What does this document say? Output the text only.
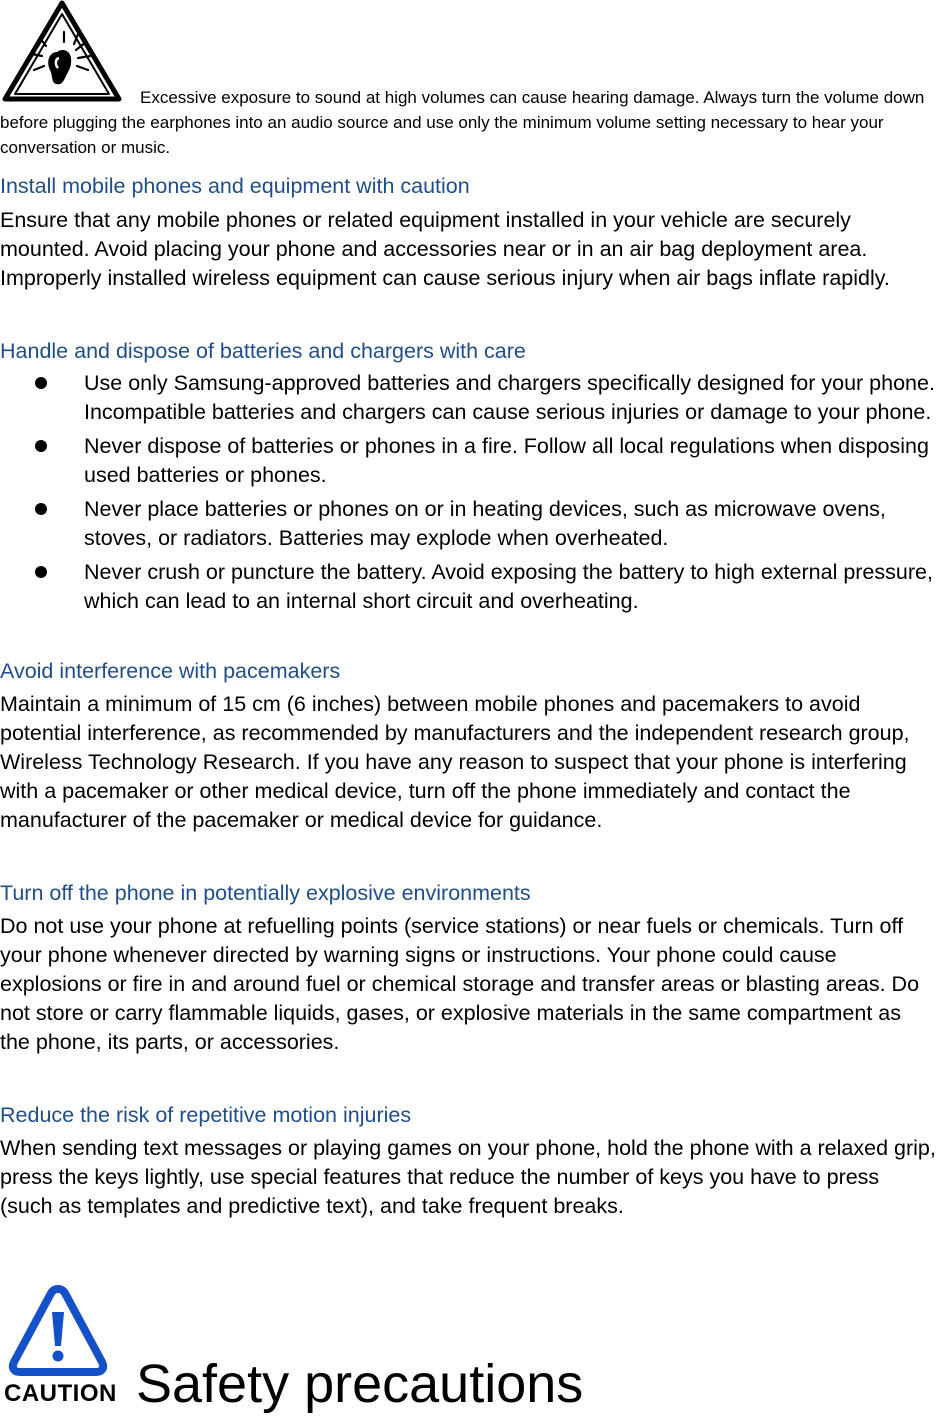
Excessive exposure to sound at high volumes can cause hearing damage. Always turn the volume down before plugging the earphones into an audio source and use only the minimum volume setting necessary to hear your conversation or music.
Install mobile phones and equipment with caution
Ensure that any mobile phones or related equipment installed in your vehicle are securely mounted. Avoid placing your phone and accessories near or in an air bag deployment area. Improperly installed wireless equipment can cause serious injury when air bags inflate rapidly.
Handle and dispose of batteries and chargers with care
Use only Samsung-approved batteries and chargers specifically designed for your phone. Incompatible batteries and chargers can cause serious injuries or damage to your phone.
Never dispose of batteries or phones in a fire. Follow all local regulations when disposing used batteries or phones.
Never place batteries or phones on or in heating devices, such as microwave ovens, stoves, or radiators. Batteries may explode when overheated.
Never crush or puncture the battery. Avoid exposing the battery to high external pressure, which can lead to an internal short circuit and overheating.
Avoid interference with pacemakers
Maintain a minimum of 15 cm (6 inches) between mobile phones and pacemakers to avoid potential interference, as recommended by manufacturers and the independent research group, Wireless Technology Research. If you have any reason to suspect that your phone is interfering with a pacemaker or other medical device, turn off the phone immediately and contact the manufacturer of the pacemaker or medical device for guidance.
Turn off the phone in potentially explosive environments
Do not use your phone at refuelling points (service stations) or near fuels or chemicals. Turn off your phone whenever directed by warning signs or instructions. Your phone could cause explosions or fire in and around fuel or chemical storage and transfer areas or blasting areas. Do not store or carry flammable liquids, gases, or explosive materials in the same compartment as the phone, its parts, or accessories.
Reduce the risk of repetitive motion injuries
When sending text messages or playing games on your phone, hold the phone with a relaxed grip, press the keys lightly, use special features that reduce the number of keys you have to press (such as templates and predictive text), and take frequent breaks.
CAUTION Safety precautions
